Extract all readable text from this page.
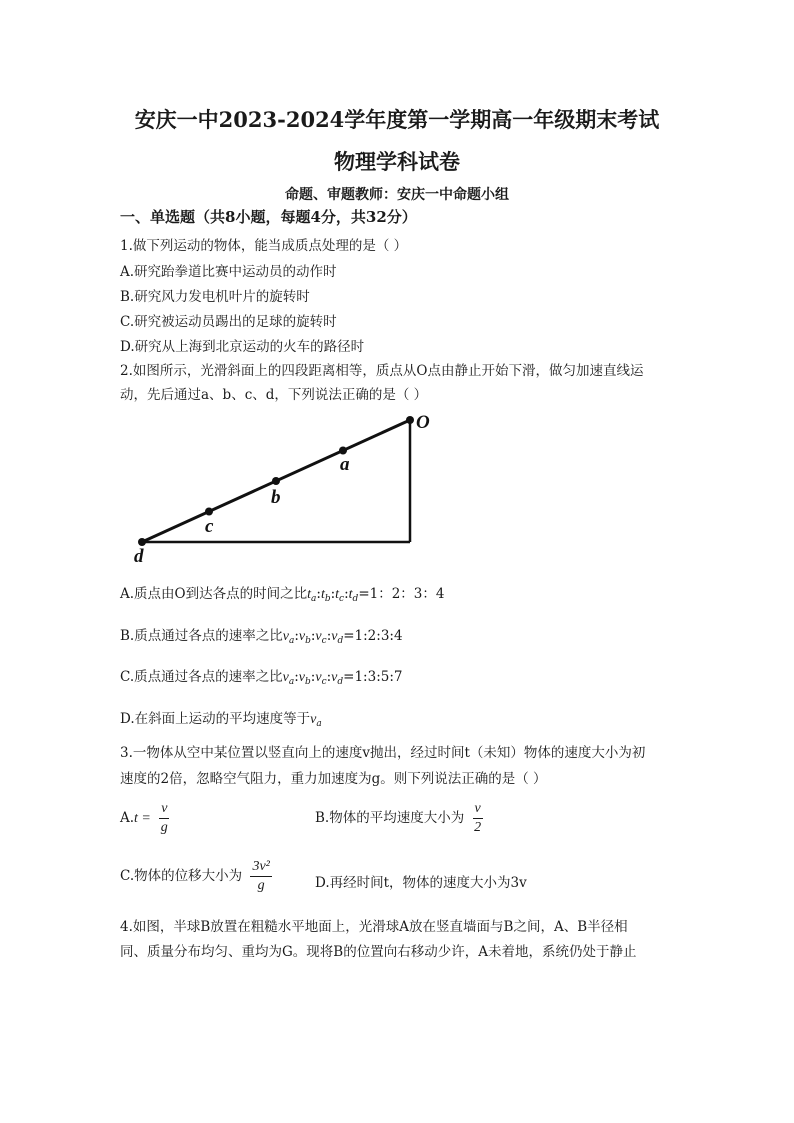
安庆一中2023-2024学年度第一学期高一年级期末考试
物理学科试卷
命题、审题教师：安庆一中命题小组
一、单选题（共8小题，每题4分，共32分）
1.做下列运动的物体，能当成质点处理的是（ ）
A.研究跆拳道比赛中运动员的动作时
B.研究风力发电机叶片的旋转时
C.研究被运动员踢出的足球的旋转时
D.研究从上海到北京运动的火车的路径时
2.如图所示，光滑斜面上的四段距离相等，质点从O点由静止开始下滑，做匀加速直线运
动，先后通过a、b、c、d，下列说法正确的是（ ）
O
a
b
c
d
A.质点由O到达各点的时间之比$t_a:t_b:t_c:t_d=1$：2：3：4
B.质点通过各点的速率之比$v_a:v_b:v_c:v_d=1:2:3:4$
C.质点通过各点的速率之比$v_a:v_b:v_c:v_d=1:3:5:7$
D.在斜面上运动的平均速度等于$v_a$
3.一物体从空中某位置以竖直向上的速度v抛出，经过时间t（未知）物体的速度大小为初
速度的2倍，忽略空气阻力，重力加速度为g。则下列说法正确的是（ ）
$A.t = \frac{v}{g}$	B.物体的平均速度大小为 $\frac{v}{2}$
C.物体的位移大小为 $\frac{\text{3v²}}{g}$	D.再经时间t，物体的速度大小为3v
4.如图，半球B放置在粗糙水平地面上，光滑球A放在竖直墙面与B之间，A、B半径相
同、质量分布均匀、重均为G。现将B的位置向右移动少许，A未着地，系统仍处于静止
